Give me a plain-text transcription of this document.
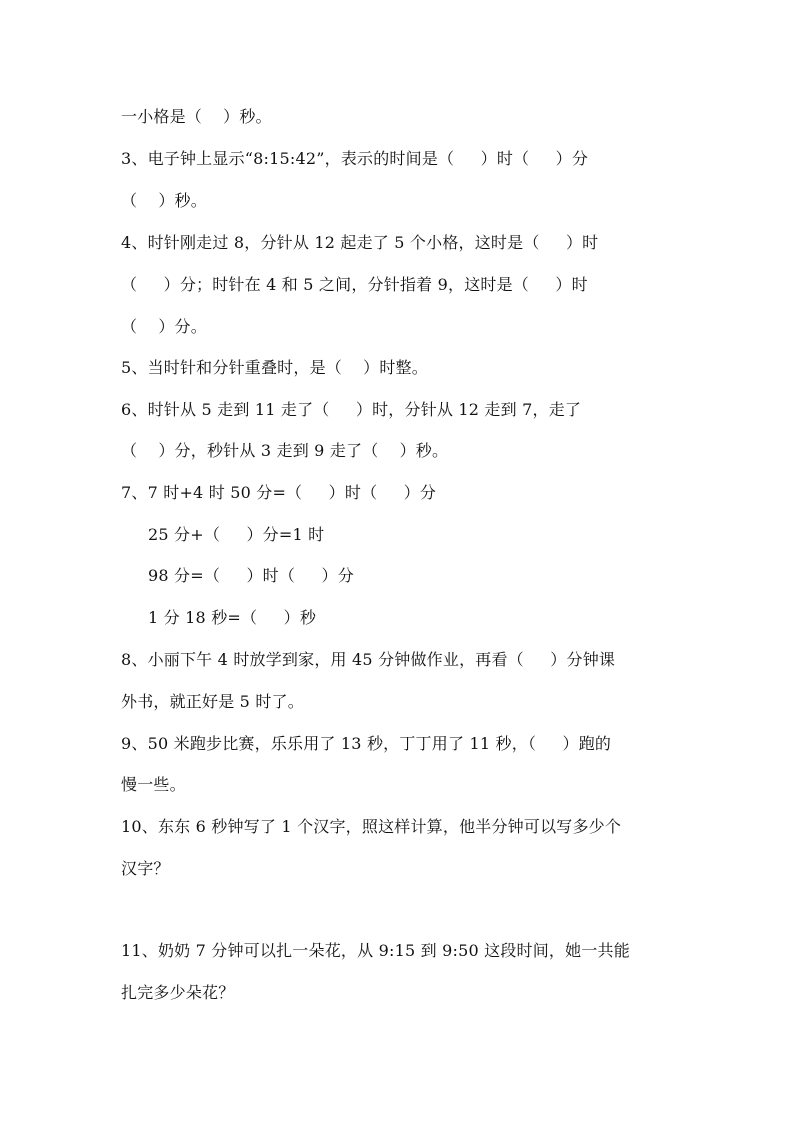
一小格是（    ）秒。
3、电子钟上显示“8:15:42”，表示的时间是（     ）时（     ）分
（    ）秒。
4、时针刚走过 8，分针从 12 起走了 5 个小格，这时是（     ）时
（     ）分；时针在 4 和 5 之间，分针指着 9，这时是（     ）时
（    ）分。
5、当时针和分针重叠时，是（    ）时整。
6、时针从 5 走到 11 走了（     ）时，分针从 12 走到 7，走了
（    ）分，秒针从 3 走到 9 走了（    ）秒。
7、7 时+4 时 50 分=（     ）时（     ）分
25 分+（     ）分=1 时
98 分=（     ）时（     ）分
1 分 18 秒=（     ）秒
8、小丽下午 4 时放学到家，用 45 分钟做作业，再看（     ）分钟课
外书，就正好是 5 时了。
9、50 米跑步比赛，乐乐用了 13 秒，丁丁用了 11 秒，（     ）跑的
慢一些。
10、东东 6 秒钟写了 1 个汉字，照这样计算，他半分钟可以写多少个
汉字？
11、奶奶 7 分钟可以扎一朵花，从 9:15 到 9:50 这段时间，她一共能
扎完多少朵花？
